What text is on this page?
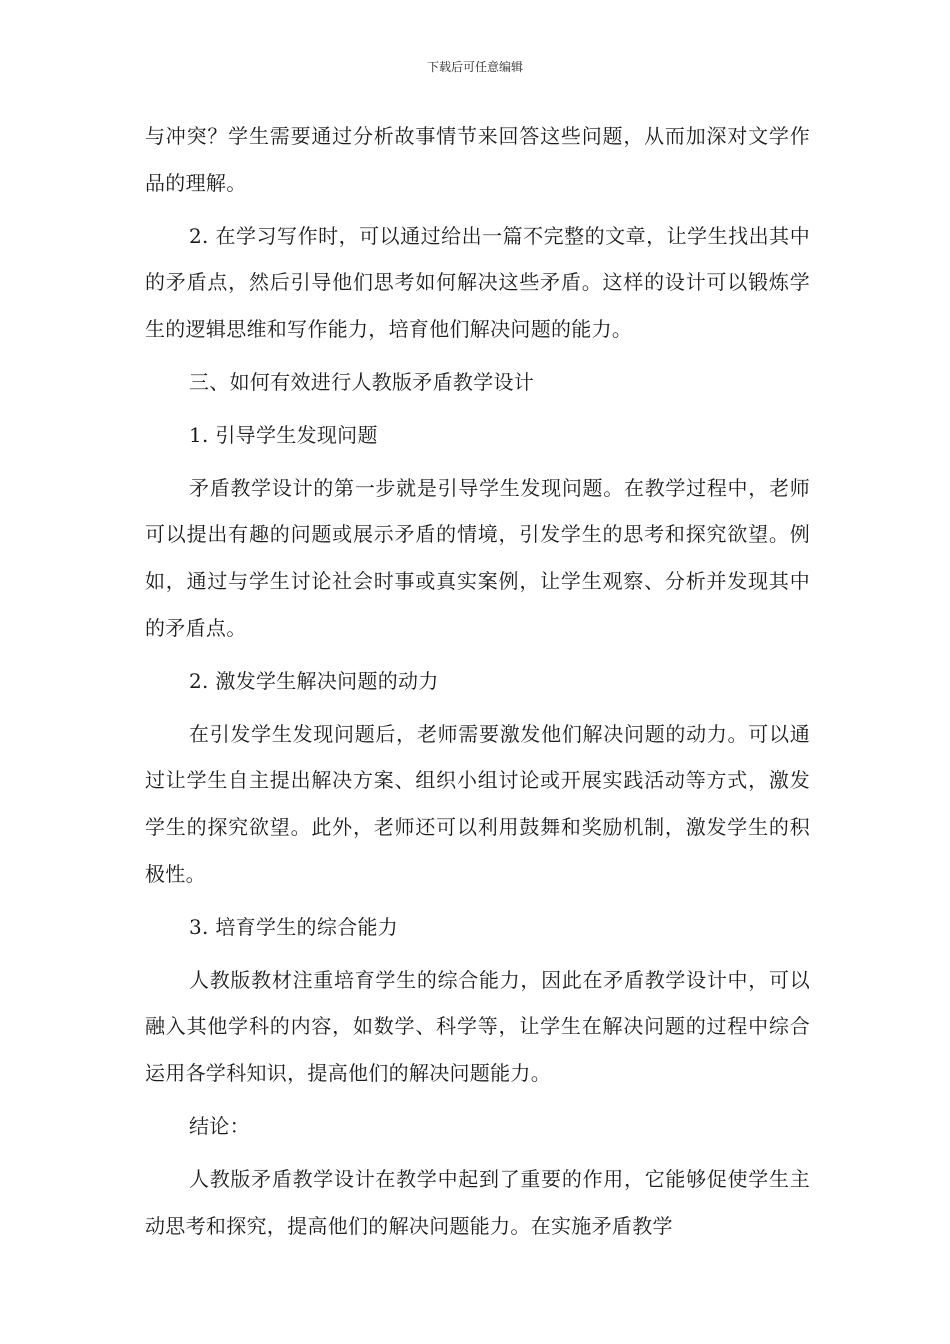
下载后可任意编辑

与冲突？学生需要通过分析故事情节来回答这些问题，从而加深对文学作品的理解。

2. 在学习写作时，可以通过给出一篇不完整的文章，让学生找出其中的矛盾点，然后引导他们思考如何解决这些矛盾。这样的设计可以锻炼学生的逻辑思维和写作能力，培育他们解决问题的能力。

三、如何有效进行人教版矛盾教学设计

1. 引导学生发现问题

矛盾教学设计的第一步就是引导学生发现问题。在教学过程中，老师可以提出有趣的问题或展示矛盾的情境，引发学生的思考和探究欲望。例如，通过与学生讨论社会时事或真实案例，让学生观察、分析并发现其中的矛盾点。

2. 激发学生解决问题的动力

在引发学生发现问题后，老师需要激发他们解决问题的动力。可以通过让学生自主提出解决方案、组织小组讨论或开展实践活动等方式，激发学生的探究欲望。此外，老师还可以利用鼓舞和奖励机制，激发学生的积极性。

3. 培育学生的综合能力

人教版教材注重培育学生的综合能力，因此在矛盾教学设计中，可以融入其他学科的内容，如数学、科学等，让学生在解决问题的过程中综合运用各学科知识，提高他们的解决问题能力。

结论：

人教版矛盾教学设计在教学中起到了重要的作用，它能够促使学生主动思考和探究，提高他们的解决问题能力。在实施矛盾教学
